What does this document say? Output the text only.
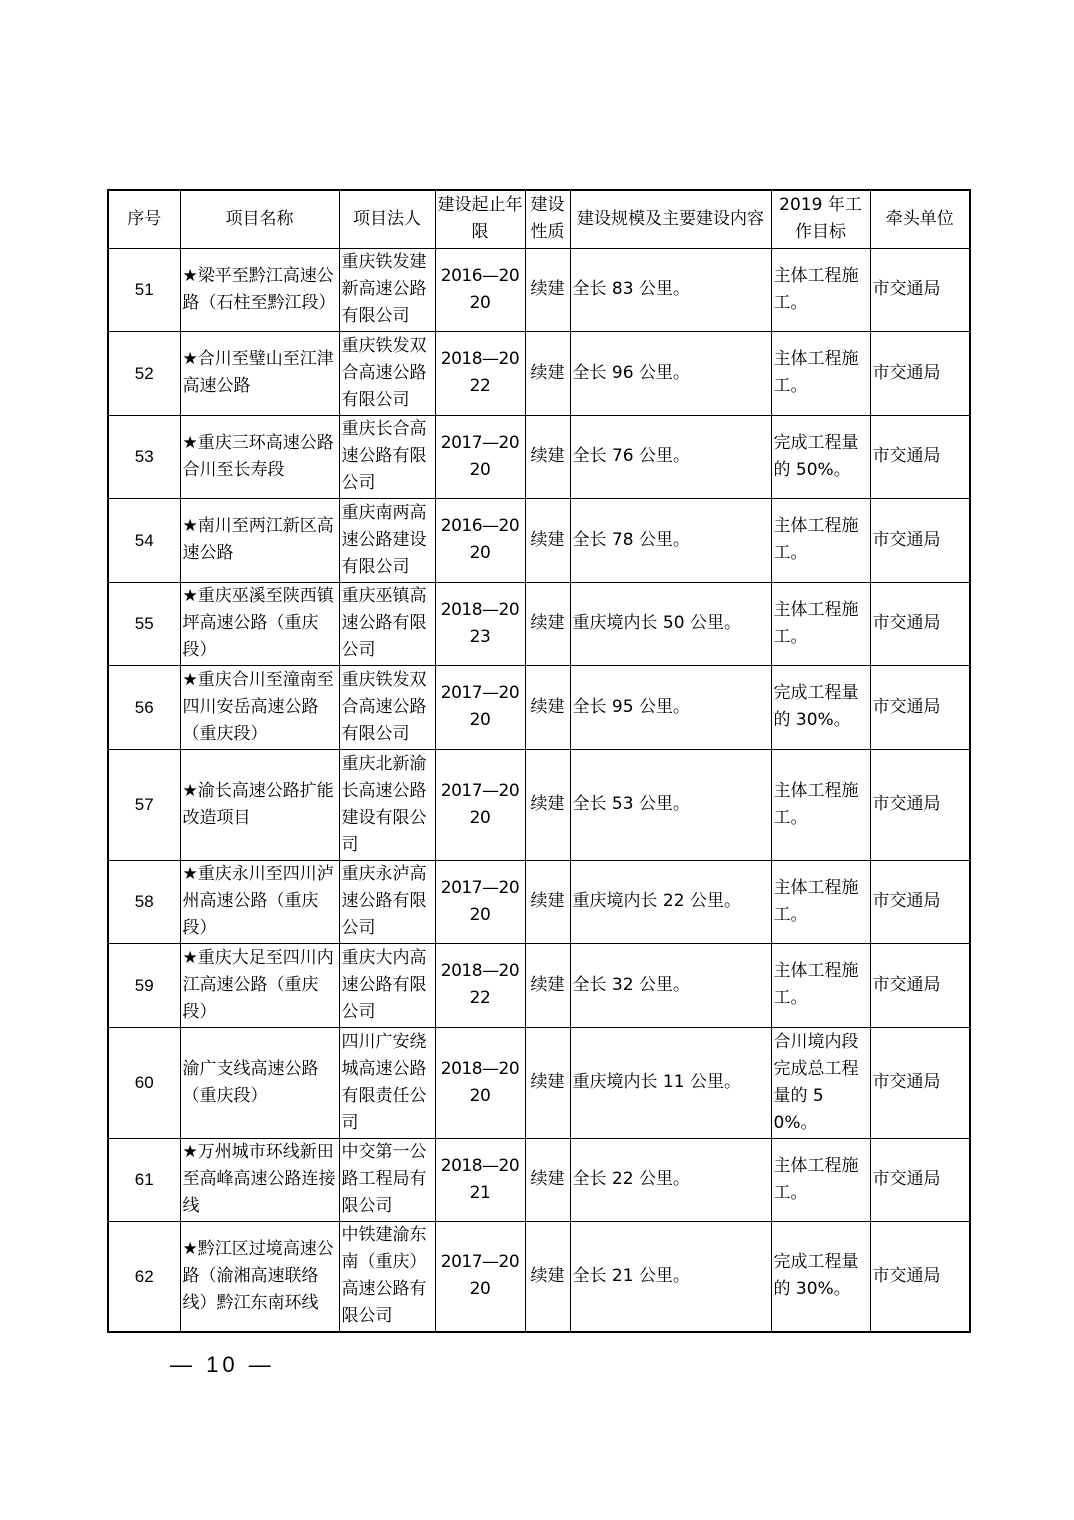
序号	项目名称	项目法人	建设起止年限	建设性质	建设规模及主要建设内容	2019 年工作目标	牵头单位
51	★梁平至黔江高速公路（石柱至黔江段）	重庆铁发建新高速公路有限公司	2016—2020	续建	全长 83 公里。	主体工程施工。	市交通局
52	★合川至璧山至江津高速公路	重庆铁发双合高速公路有限公司	2018—2022	续建	全长 96 公里。	主体工程施工。	市交通局
53	★重庆三环高速公路合川至长寿段	重庆长合高速公路有限公司	2017—2020	续建	全长 76 公里。	完成工程量的 50%。	市交通局
54	★南川至两江新区高速公路	重庆南两高速公路建设有限公司	2016—2020	续建	全长 78 公里。	主体工程施工。	市交通局
55	★重庆巫溪至陕西镇坪高速公路（重庆段）	重庆巫镇高速公路有限公司	2018—2023	续建	重庆境内长 50 公里。	主体工程施工。	市交通局
56	★重庆合川至潼南至四川安岳高速公路（重庆段）	重庆铁发双合高速公路有限公司	2017—2020	续建	全长 95 公里。	完成工程量的 30%。	市交通局
57	★渝长高速公路扩能改造项目	重庆北新渝长高速公路建设有限公司	2017—2020	续建	全长 53 公里。	主体工程施工。	市交通局
58	★重庆永川至四川泸州高速公路（重庆段）	重庆永泸高速公路有限公司	2017—2020	续建	重庆境内长 22 公里。	主体工程施工。	市交通局
59	★重庆大足至四川内江高速公路（重庆段）	重庆大内高速公路有限公司	2018—2022	续建	全长 32 公里。	主体工程施工。	市交通局
60	渝广支线高速公路（重庆段）	四川广安绕城高速公路有限责任公司	2018—2020	续建	重庆境内长 11 公里。	合川境内段完成总工程量的 50%。	市交通局
61	★万州城市环线新田至高峰高速公路连接线	中交第一公路工程局有限公司	2018—2021	续建	全长 22 公里。	主体工程施工。	市交通局
62	★黔江区过境高速公路（渝湘高速联络线）黔江东南环线	中铁建渝东南（重庆）高速公路有限公司	2017—2020	续建	全长 21 公里。	完成工程量的 30%。	市交通局
— 10 —
